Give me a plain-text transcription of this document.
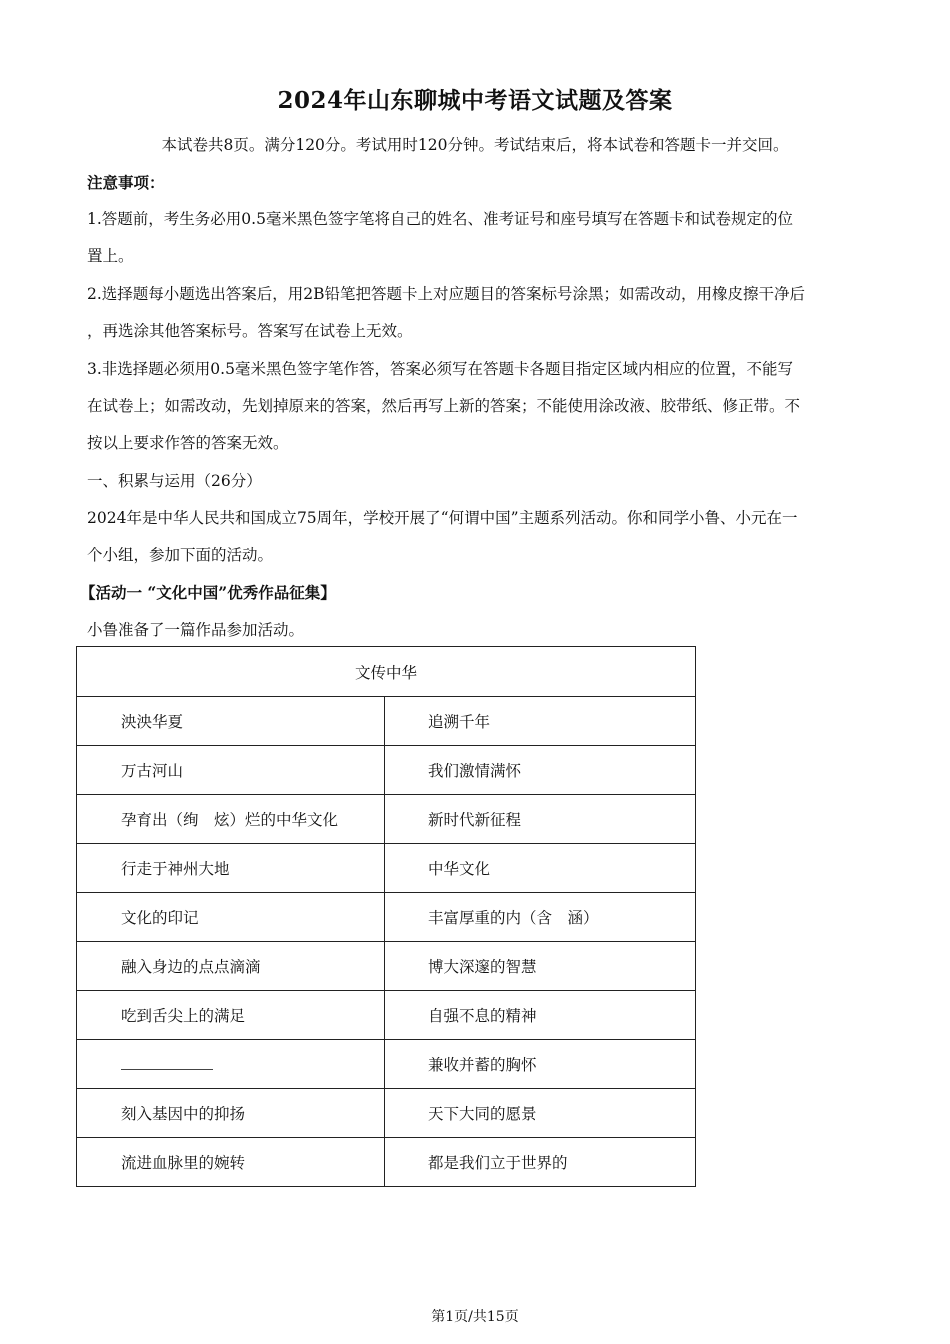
2024年山东聊城中考语文试题及答案
本试卷共8页。满分120分。考试用时120分钟。考试结束后，将本试卷和答题卡一并交回。
注意事项：
1.答题前，考生务必用0.5毫米黑色签字笔将自己的姓名、准考证号和座号填写在答题卡和试卷规定的位
置上。
2.选择题每小题选出答案后，用2B铅笔把答题卡上对应题目的答案标号涂黑；如需改动，用橡皮擦干净后
，再选涂其他答案标号。答案写在试卷上无效。
3.非选择题必须用0.5毫米黑色签字笔作答，答案必须写在答题卡各题目指定区域内相应的位置，不能写
在试卷上；如需改动，先划掉原来的答案，然后再写上新的答案；不能使用涂改液、胶带纸、修正带。不
按以上要求作答的答案无效。
一、积累与运用（26分）
2024年是中华人民共和国成立75周年，学校开展了“何谓中国”主题系列活动。你和同学小鲁、小元在一
个小组，参加下面的活动。
【活动一 “文化中国”优秀作品征集】
小鲁准备了一篇作品参加活动。
文传中华	
泱泱华夏	追溯千年
万古河山	我们激情满怀
孕育出（绚　炫）烂的中华文化	新时代新征程
行走于神州大地	中华文化
文化的印记	丰富厚重的内（含　涵）
融入身边的点点滴滴	博大深邃的智慧
吃到舌尖上的满足	自强不息的精神
	兼收并蓄的胸怀
刻入基因中的抑扬	天下大同的愿景
流进血脉里的婉转	都是我们立于世界的
第1页/共15页
